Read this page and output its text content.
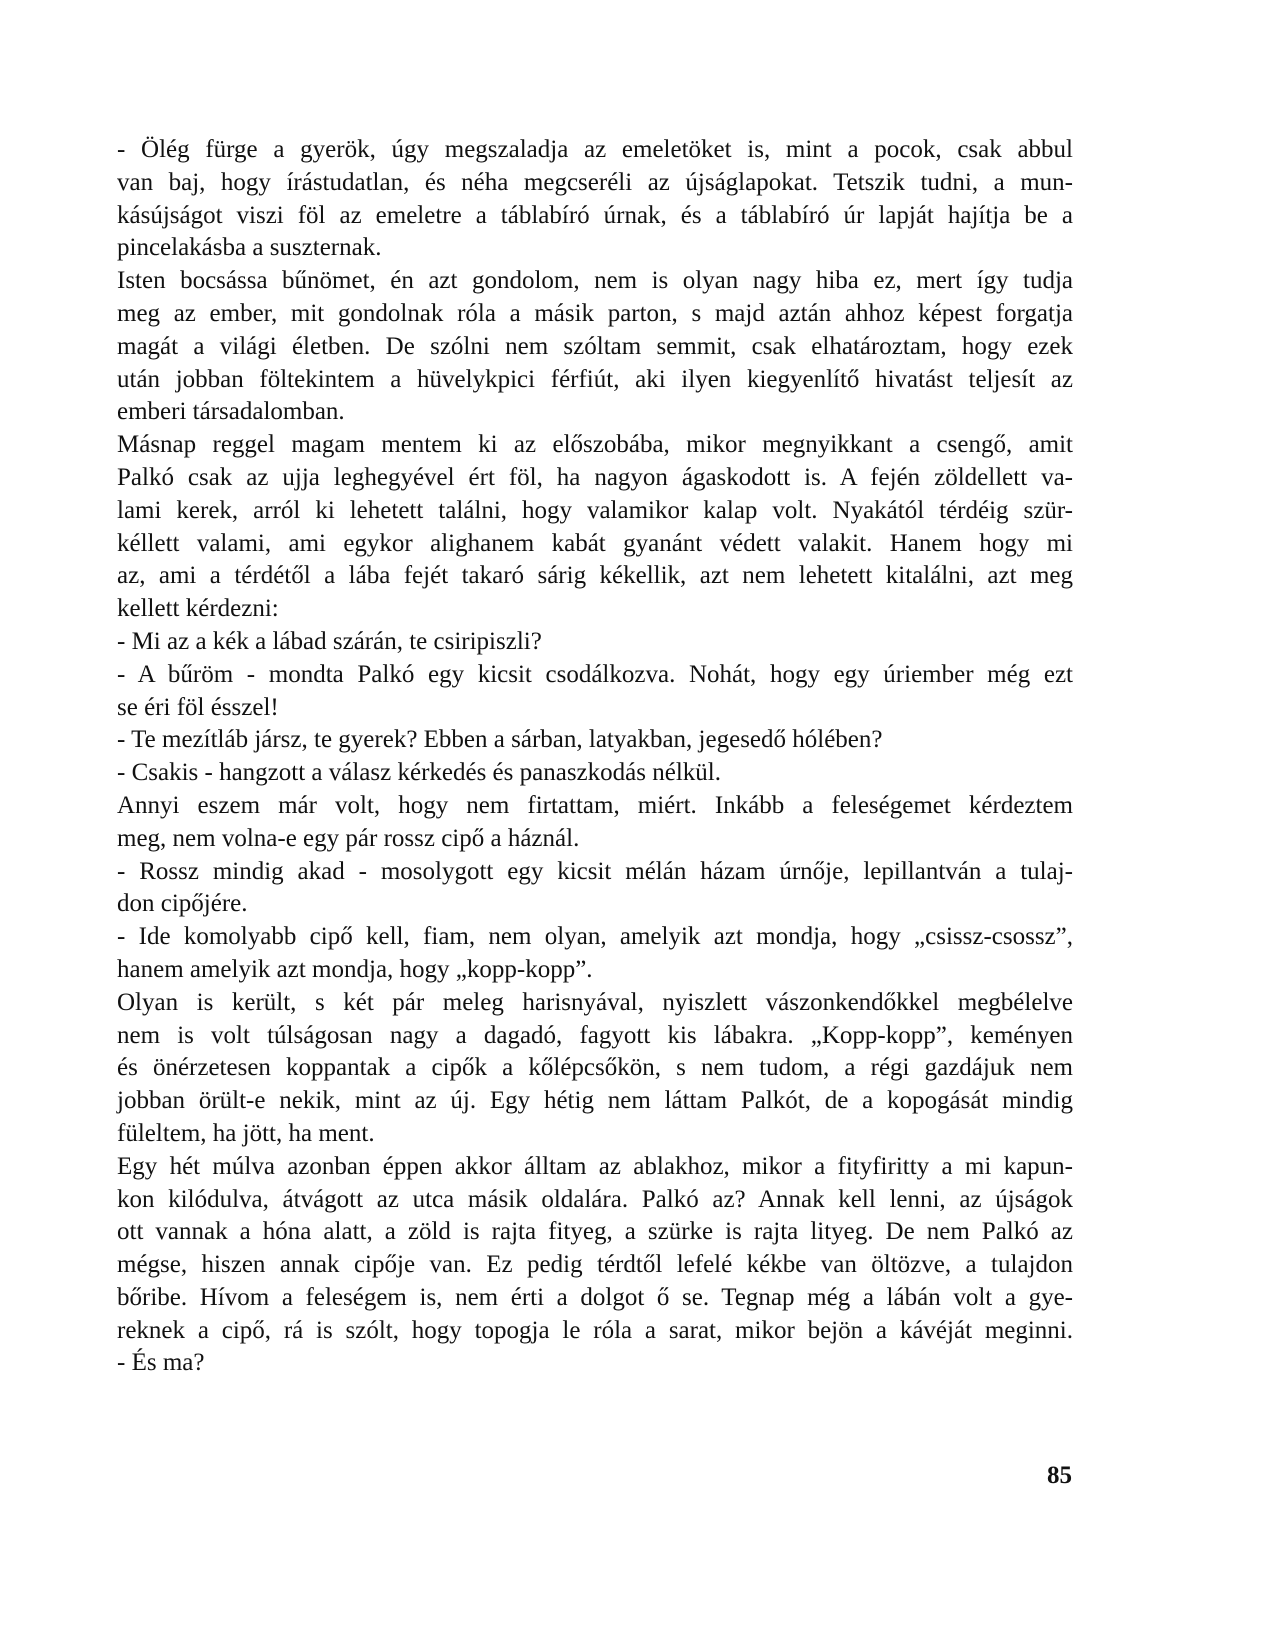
- Ölég fürge a gyerök, úgy megszaladja az emeletöket is, mint a pocok, csak abbul
van baj, hogy írástudatlan, és néha megcseréli az újságlapokat. Tetszik tudni, a mun-
kásújságot viszi föl az emeletre a táblabíró úrnak, és a táblabíró úr lapját hajítja be a
pincelakásba a suszternak.
Isten bocsássa bűnömet, én azt gondolom, nem is olyan nagy hiba ez, mert így tudja
meg az ember, mit gondolnak róla a másik parton, s majd aztán ahhoz képest forgatja
magát a világi életben. De szólni nem szóltam semmit, csak elhatároztam, hogy ezek
után jobban föltekintem a hüvelykpici férfiút, aki ilyen kiegyenlítő hivatást teljesít az
emberi társadalomban.
Másnap reggel magam mentem ki az előszobába, mikor megnyikkant a csengő, amit
Palkó csak az ujja leghegyével ért föl, ha nagyon ágaskodott is. A fején zöldellett va-
lami kerek, arról ki lehetett találni, hogy valamikor kalap volt. Nyakától térdéig szür-
kéllett valami, ami egykor alighanem kabát gyanánt védett valakit. Hanem hogy mi
az, ami a térdétől a lába fejét takaró sárig kékellik, azt nem lehetett kitalálni, azt meg
kellett kérdezni:
- Mi az a kék a lábad szárán, te csiripiszli?
- A bűröm - mondta Palkó egy kicsit csodálkozva. Nohát, hogy egy úriember még ezt
se éri föl ésszel!
- Te mezítláb jársz, te gyerek? Ebben a sárban, latyakban, jegesedő hólében?
- Csakis - hangzott a válasz kérkedés és panaszkodás nélkül.
Annyi eszem már volt, hogy nem firtattam, miért. Inkább a feleségemet kérdeztem
meg, nem volna-e egy pár rossz cipő a háznál.
- Rossz mindig akad - mosolygott egy kicsit mélán házam úrnője, lepillantván a tulaj-
don cipőjére.
- Ide komolyabb cipő kell, fiam, nem olyan, amelyik azt mondja, hogy „csissz-csossz”,
hanem amelyik azt mondja, hogy „kopp-kopp”.
Olyan is került, s két pár meleg harisnyával, nyiszlett vászonkendőkkel megbélelve
nem is volt túlságosan nagy a dagadó, fagyott kis lábakra. „Kopp-kopp”, keményen
és önérzetesen koppantak a cipők a kőlépcsőkön, s nem tudom, a régi gazdájuk nem
jobban örült-e nekik, mint az új. Egy hétig nem láttam Palkót, de a kopogását mindig
füleltem, ha jött, ha ment.
Egy hét múlva azonban éppen akkor álltam az ablakhoz, mikor a fityfiritty a mi kapun-
kon kilódulva, átvágott az utca másik oldalára. Palkó az? Annak kell lenni, az újságok
ott vannak a hóna alatt, a zöld is rajta fityeg, a szürke is rajta lityeg. De nem Palkó az
mégse, hiszen annak cipője van. Ez pedig térdtől lefelé kékbe van öltözve, a tulajdon
bőribe. Hívom a feleségem is, nem érti a dolgot ő se. Tegnap még a lábán volt a gye-
reknek a cipő, rá is szólt, hogy topogja le róla a sarat, mikor bejön a kávéját meginni.
- És ma?
85
